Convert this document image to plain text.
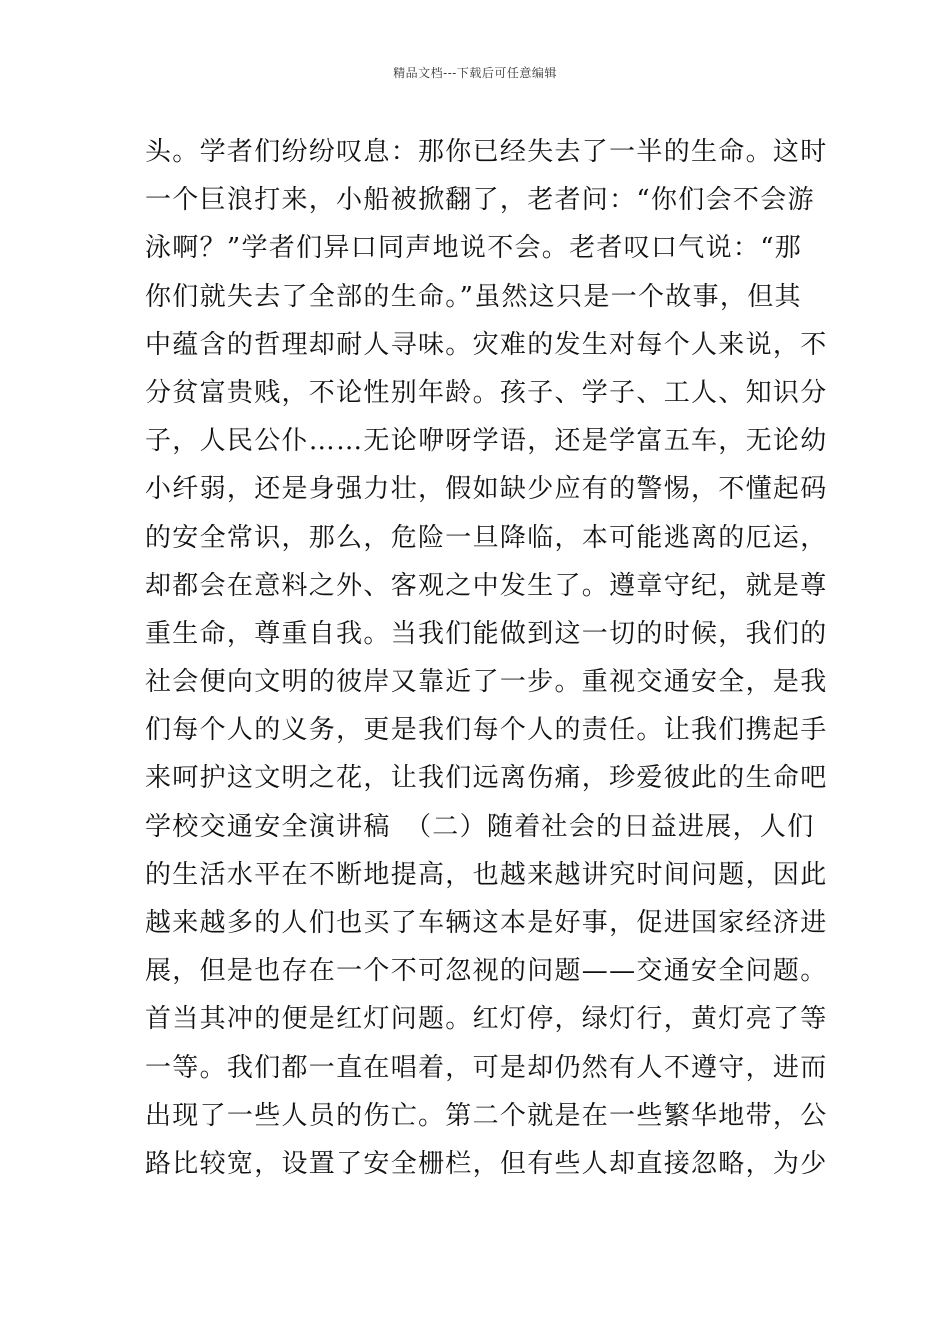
精品文档---下载后可任意编辑
头。学者们纷纷叹息：那你已经失去了一半的生命。这时
一个巨浪打来，小船被掀翻了，老者问：“你们会不会游
泳啊？”学者们异口同声地说不会。老者叹口气说：“那
你们就失去了全部的生命。”虽然这只是一个故事，但其
中蕴含的哲理却耐人寻味。灾难的发生对每个人来说，不
分贫富贵贱，不论性别年龄。孩子、学子、工人、知识分
子，人民公仆……无论咿呀学语，还是学富五车，无论幼
小纤弱，还是身强力壮，假如缺少应有的警惕，不懂起码
的安全常识，那么，危险一旦降临，本可能逃离的厄运，
却都会在意料之外、客观之中发生了。遵章守纪，就是尊
重生命，尊重自我。当我们能做到这一切的时候，我们的
社会便向文明的彼岸又靠近了一步。重视交通安全，是我
们每个人的义务，更是我们每个人的责任。让我们携起手
来呵护这文明之花，让我们远离伤痛，珍爱彼此的生命吧
学校交通安全演讲稿　（二）随着社会的日益进展，人们
的生活水平在不断地提高，也越来越讲究时间问题，因此
越来越多的人们也买了车辆这本是好事，促进国家经济进
展，但是也存在一个不可忽视的问题——交通安全问题。
首当其冲的便是红灯问题。红灯停，绿灯行，黄灯亮了等
一等。我们都一直在唱着，可是却仍然有人不遵守，进而
出现了一些人员的伤亡。第二个就是在一些繁华地带，公
路比较宽，设置了安全栅栏，但有些人却直接忽略，为少
